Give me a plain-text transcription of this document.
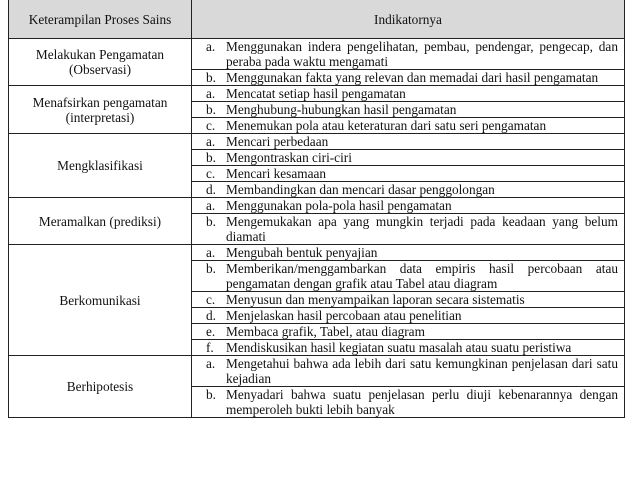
Keterampilan Proses Sains	Indikatornya
Melakukan Pengamatan (Observasi)	a. Menggunakan indera pengelihatan, pembau, pendengar, pengecap, dan peraba pada waktu mengamati

	b. Menggunakan fakta yang relevan dan memadai dari hasil pengamatan

Menafsirkan pengamatan (interpretasi)	a. Mencatat setiap hasil pengamatan

	b. Menghubung-hubungkan hasil pengamatan

	c. Menemukan pola atau keteraturan dari satu seri pengamatan

Mengklasifikasi	a. Mencari perbedaan

	b. Mengontraskan ciri-ciri

	c. Mencari kesamaan

	d. Membandingkan dan mencari dasar penggolongan

Meramalkan (prediksi)	a. Menggunakan pola-pola hasil pengamatan

	b. Mengemukakan apa yang mungkin terjadi pada keadaan yang belum diamati

Berkomunikasi	a. Mengubah bentuk penyajian

	b. Memberikan/menggambarkan data empiris hasil percobaan atau pengamatan dengan grafik atau Tabel atau diagram

	c. Menyusun dan menyampaikan laporan secara sistematis

	d. Menjelaskan hasil percobaan atau penelitian

	e. Membaca grafik, Tabel, atau diagram

	f. Mendiskusikan hasil kegiatan suatu masalah atau suatu peristiwa

Berhipotesis	a. Mengetahui bahwa ada lebih dari satu kemungkinan penjelasan dari satu kejadian

	b. Menyadari bahwa suatu penjelasan perlu diuji kebenarannya dengan memperoleh bukti lebih banyak
